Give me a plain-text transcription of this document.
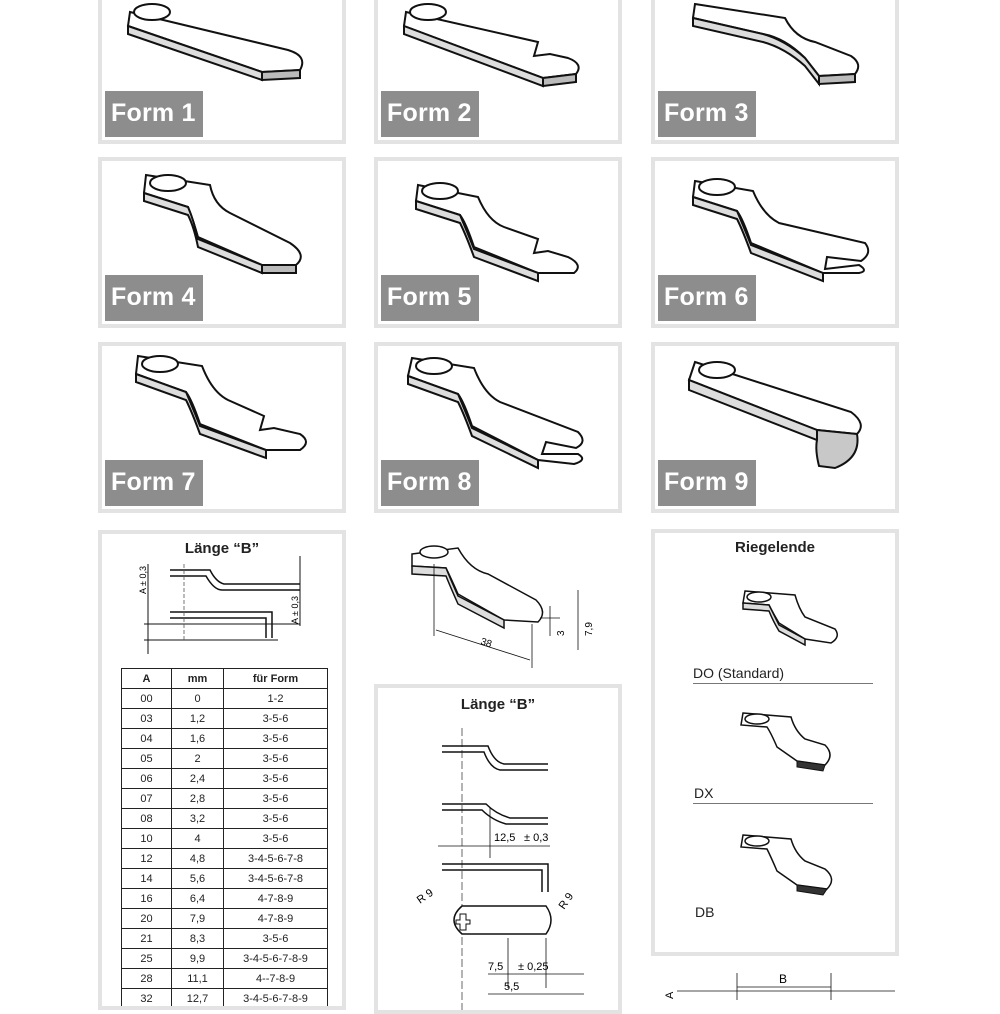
Form 1	Form 2	Form 3
Form 4	Form 5	Form 6
Form 7	Form 8	Form 9
Länge “B”
A ± 0,3
A ± 0,3
A	mm	für Form
00	0	1-2
03	1,2	3-5-6
04	1,6	3-5-6
05	2	3-5-6
06	2,4	3-5-6
07	2,8	3-5-6
08	3,2	3-5-6
10	4	3-5-6
12	4,8	3-4-5-6-7-8
14	5,6	3-4-5-6-7-8
16	6,4	4-7-8-9
20	7,9	4-7-8-9
21	8,3	3-5-6
25	9,9	3-4-5-6-7-8-9
28	11,1	4--7-8-9
32	12,7	3-4-5-6-7-8-9
38
3 7,9
Länge “B”
12,5 ± 0,3
R 9	R 9
7,5 ± 0,25
5,5
Riegelende
DO (Standard)
DX
DB
B
A
